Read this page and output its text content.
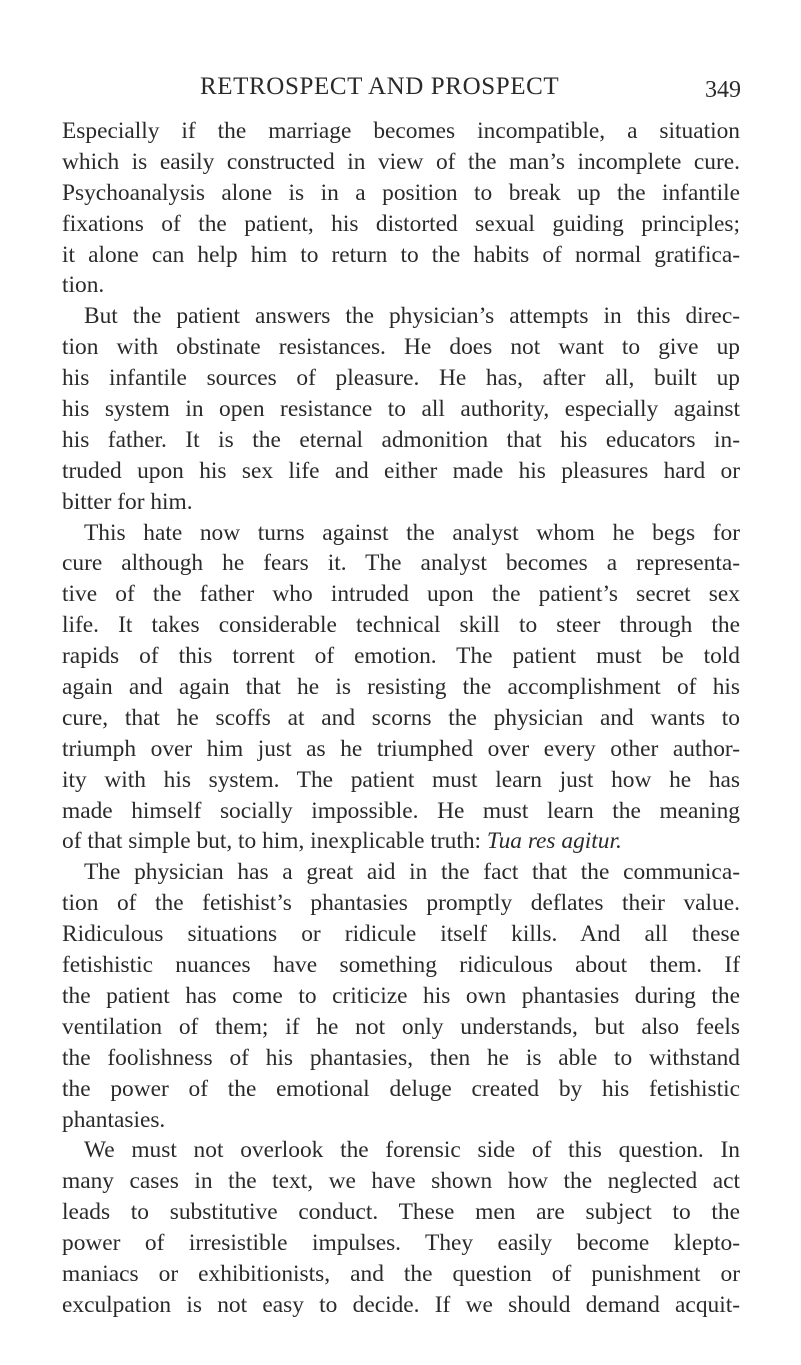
RETROSPECT AND PROSPECT	349
Especially if the marriage becomes incompatible, a situation
which is easily constructed in view of the man’s incomplete cure.
Psychoanalysis alone is in a position to break up the infantile
fixations of the patient, his distorted sexual guiding principles;
it alone can help him to return to the habits of normal gratifica-
tion.
But the patient answers the physician’s attempts in this direc-
tion with obstinate resistances. He does not want to give up
his infantile sources of pleasure. He has, after all, built up
his system in open resistance to all authority, especially against
his father. It is the eternal admonition that his educators in-
truded upon his sex life and either made his pleasures hard or
bitter for him.
This hate now turns against the analyst whom he begs for
cure although he fears it. The analyst becomes a representa-
tive of the father who intruded upon the patient’s secret sex
life. It takes considerable technical skill to steer through the
rapids of this torrent of emotion. The patient must be told
again and again that he is resisting the accomplishment of his
cure, that he scoffs at and scorns the physician and wants to
triumph over him just as he triumphed over every other author-
ity with his system. The patient must learn just how he has
made himself socially impossible. He must learn the meaning
of that simple but, to him, inexplicable truth: Tua res agitur.
The physician has a great aid in the fact that the communica-
tion of the fetishist’s phantasies promptly deflates their value.
Ridiculous situations or ridicule itself kills. And all these
fetishistic nuances have something ridiculous about them. If
the patient has come to criticize his own phantasies during the
ventilation of them; if he not only understands, but also feels
the foolishness of his phantasies, then he is able to withstand
the power of the emotional deluge created by his fetishistic
phantasies.
We must not overlook the forensic side of this question. In
many cases in the text, we have shown how the neglected act
leads to substitutive conduct. These men are subject to the
power of irresistible impulses. They easily become klepto-
maniacs or exhibitionists, and the question of punishment or
exculpation is not easy to decide. If we should demand acquit-
